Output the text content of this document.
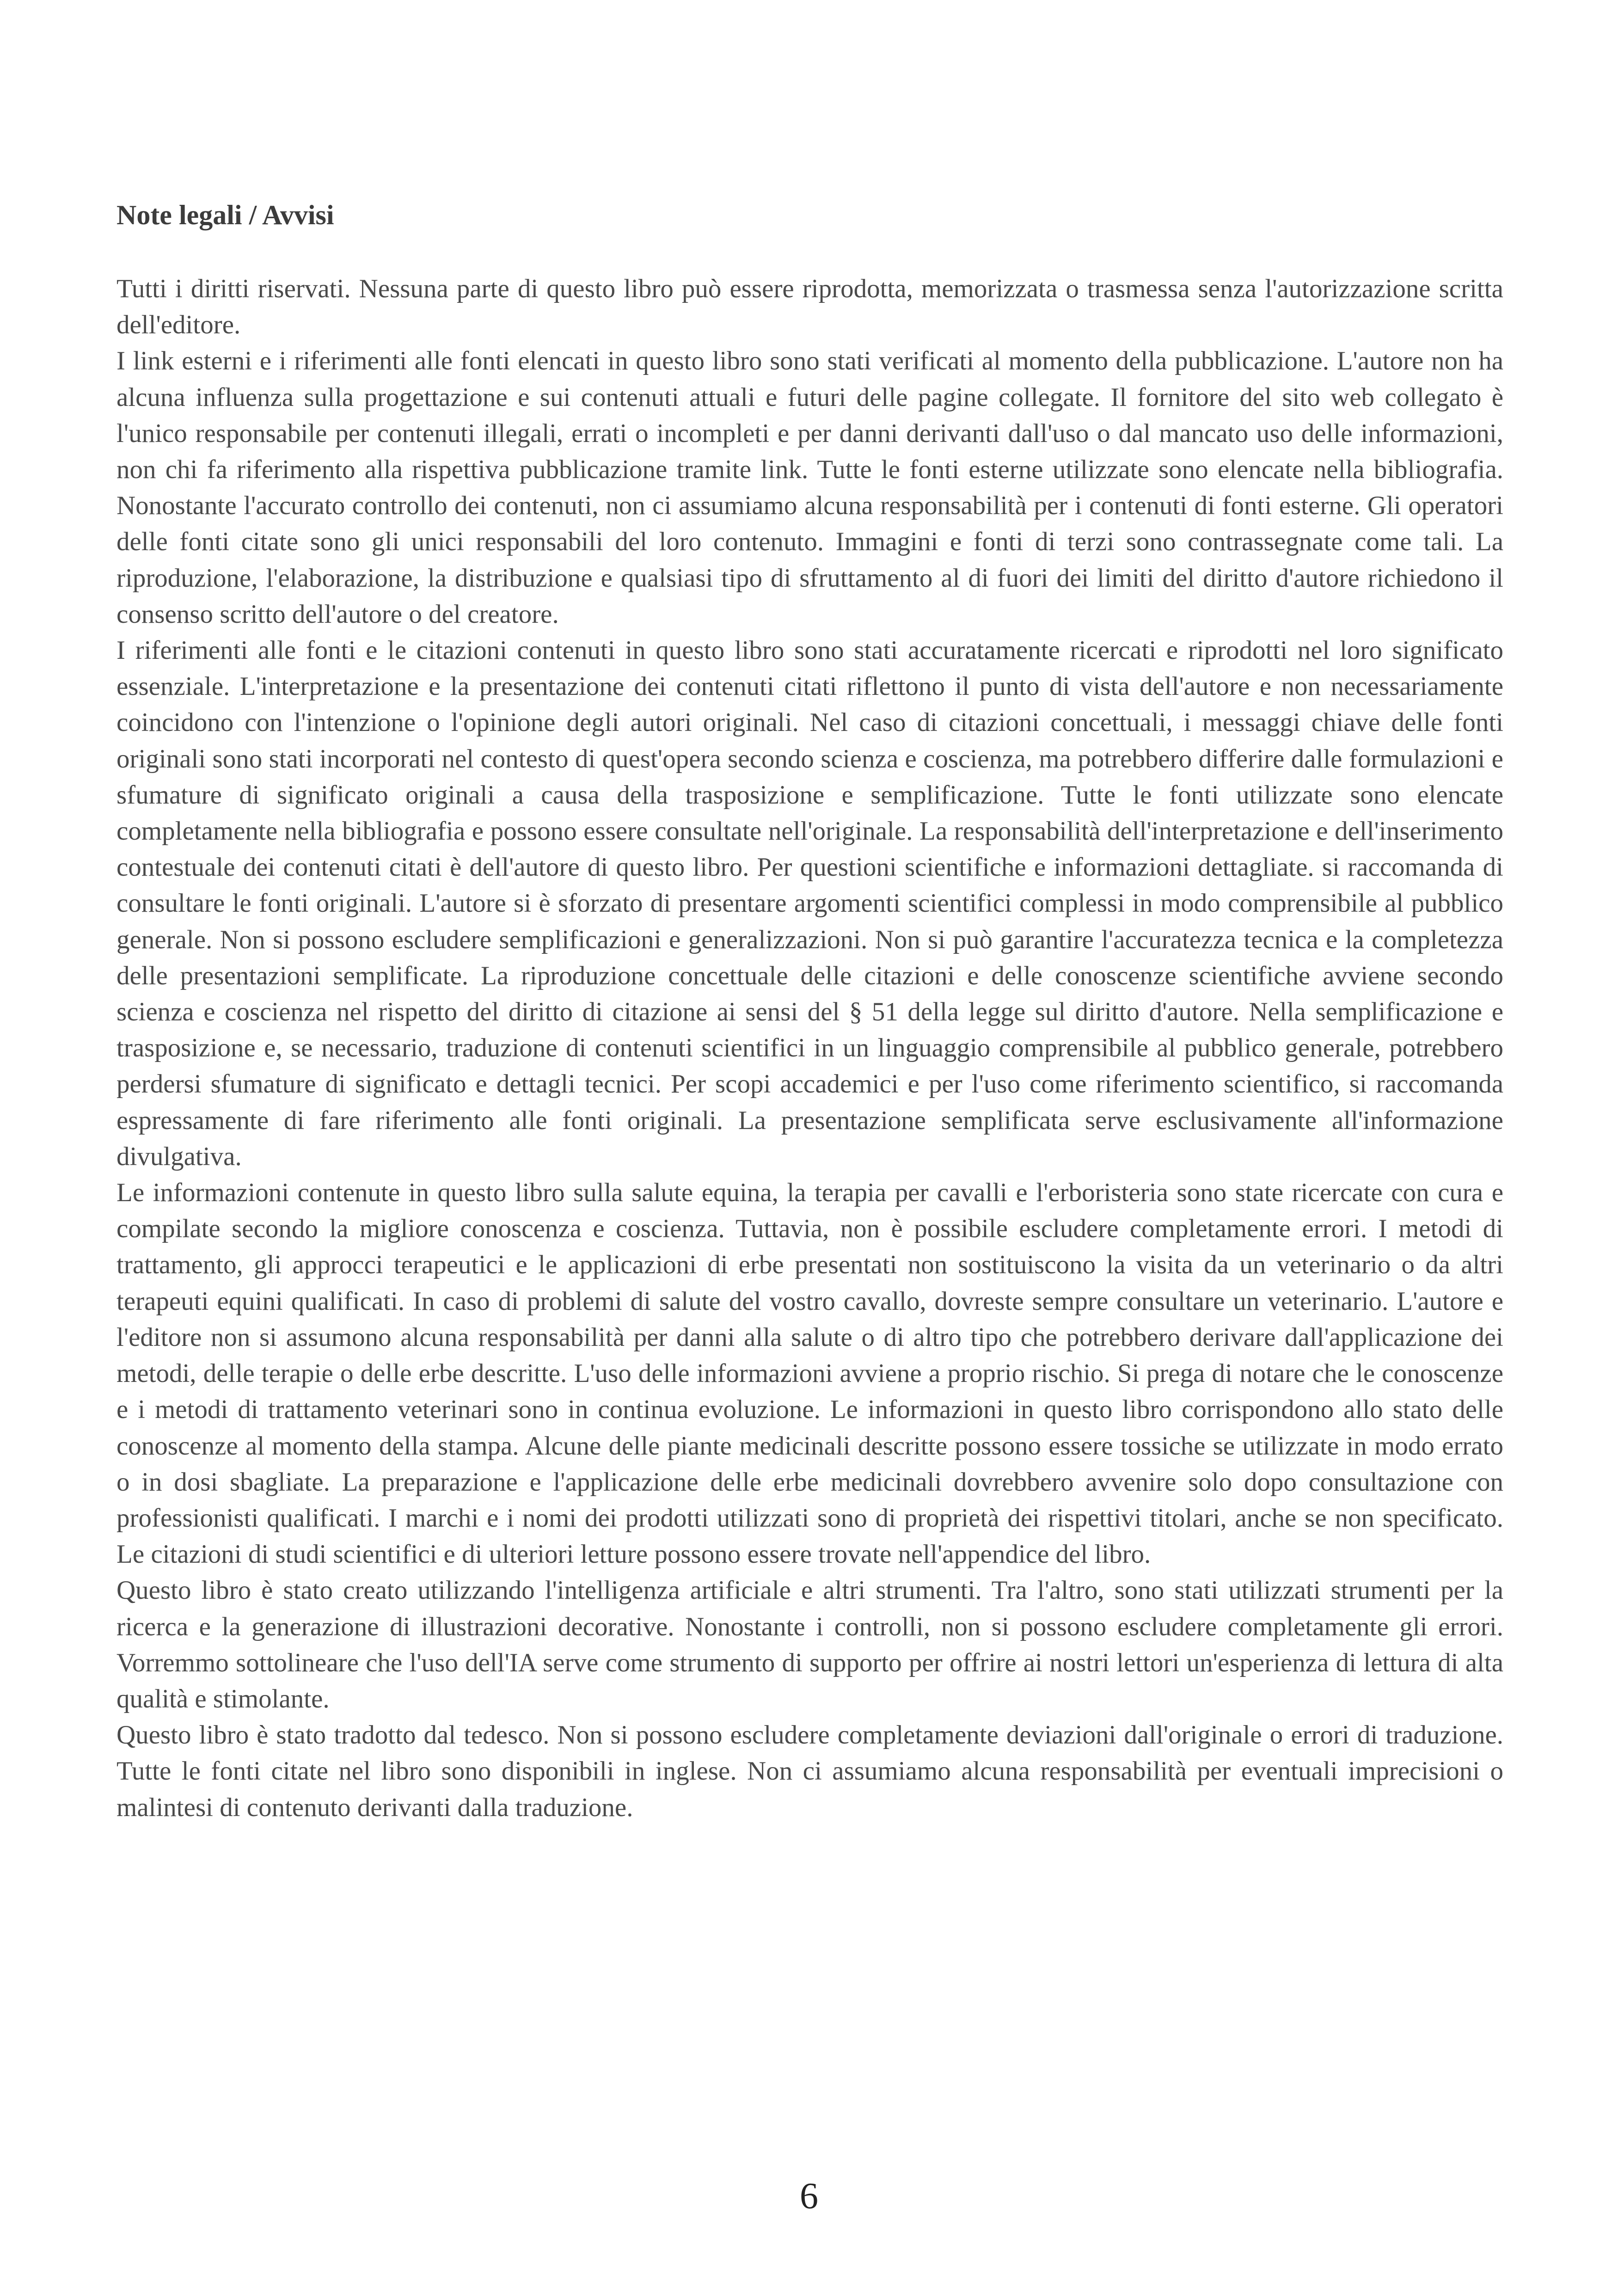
Note legali / Avvisi

Tutti i diritti riservati. Nessuna parte di questo libro può essere riprodotta, memorizzata o trasmessa senza l'autorizzazione scritta dell'editore.

I link esterni e i riferimenti alle fonti elencati in questo libro sono stati verificati al momento della pubblicazione. L'autore non ha alcuna influenza sulla progettazione e sui contenuti attuali e futuri delle pagine collegate. Il fornitore del sito web collegato è l'unico responsabile per contenuti illegali, errati o incompleti e per danni derivanti dall'uso o dal mancato uso delle informazioni, non chi fa riferimento alla rispettiva pubblicazione tramite link. Tutte le fonti esterne utilizzate sono elencate nella bibliografia. Nonostante l'accurato controllo dei contenuti, non ci assumiamo alcuna responsabilità per i contenuti di fonti esterne. Gli operatori delle fonti citate sono gli unici responsabili del loro contenuto. Immagini e fonti di terzi sono contrassegnate come tali. La riproduzione, l'elaborazione, la distribuzione e qualsiasi tipo di sfruttamento al di fuori dei limiti del diritto d'autore richiedono il consenso scritto dell'autore o del creatore.

I riferimenti alle fonti e le citazioni contenuti in questo libro sono stati accuratamente ricercati e riprodotti nel loro significato essenziale. L'interpretazione e la presentazione dei contenuti citati riflettono il punto di vista dell'autore e non necessariamente coincidono con l'intenzione o l'opinione degli autori originali. Nel caso di citazioni concettuali, i messaggi chiave delle fonti originali sono stati incorporati nel contesto di quest'opera secondo scienza e coscienza, ma potrebbero differire dalle formulazioni e sfumature di significato originali a causa della trasposizione e semplificazione. Tutte le fonti utilizzate sono elencate completamente nella bibliografia e possono essere consultate nell'originale. La responsabilità dell'interpretazione e dell'inserimento contestuale dei contenuti citati è dell'autore di questo libro. Per questioni scientifiche e informazioni dettagliate. si raccomanda di consultare le fonti originali. L'autore si è sforzato di presentare argomenti scientifici complessi in modo comprensibile al pubblico generale. Non si possono escludere semplificazioni e generalizzazioni. Non si può garantire l'accuratezza tecnica e la completezza delle presentazioni semplificate. La riproduzione concettuale delle citazioni e delle conoscenze scientifiche avviene secondo scienza e coscienza nel rispetto del diritto di citazione ai sensi del § 51 della legge sul diritto d'autore. Nella semplificazione e trasposizione e, se necessario, traduzione di contenuti scientifici in un linguaggio comprensibile al pubblico generale, potrebbero perdersi sfumature di significato e dettagli tecnici. Per scopi accademici e per l'uso come riferimento scientifico, si raccomanda espressamente di fare riferimento alle fonti originali. La presentazione semplificata serve esclusivamente all'informazione divulgativa.

Le informazioni contenute in questo libro sulla salute equina, la terapia per cavalli e l'erboristeria sono state ricercate con cura e compilate secondo la migliore conoscenza e coscienza. Tuttavia, non è possibile escludere completamente errori. I metodi di trattamento, gli approcci terapeutici e le applicazioni di erbe presentati non sostituiscono la visita da un veterinario o da altri terapeuti equini qualificati. In caso di problemi di salute del vostro cavallo, dovreste sempre consultare un veterinario. L'autore e l'editore non si assumono alcuna responsabilità per danni alla salute o di altro tipo che potrebbero derivare dall'applicazione dei metodi, delle terapie o delle erbe descritte. L'uso delle informazioni avviene a proprio rischio. Si prega di notare che le conoscenze e i metodi di trattamento veterinari sono in continua evoluzione. Le informazioni in questo libro corrispondono allo stato delle conoscenze al momento della stampa. Alcune delle piante medicinali descritte possono essere tossiche se utilizzate in modo errato o in dosi sbagliate. La preparazione e l'applicazione delle erbe medicinali dovrebbero avvenire solo dopo consultazione con professionisti qualificati. I marchi e i nomi dei prodotti utilizzati sono di proprietà dei rispettivi titolari, anche se non specificato. Le citazioni di studi scientifici e di ulteriori letture possono essere trovate nell'appendice del libro.

Questo libro è stato creato utilizzando l'intelligenza artificiale e altri strumenti. Tra l'altro, sono stati utilizzati strumenti per la ricerca e la generazione di illustrazioni decorative. Nonostante i controlli, non si possono escludere completamente gli errori. Vorremmo sottolineare che l'uso dell'IA serve come strumento di supporto per offrire ai nostri lettori un'esperienza di lettura di alta qualità e stimolante.

Questo libro è stato tradotto dal tedesco. Non si possono escludere completamente deviazioni dall'originale o errori di traduzione. Tutte le fonti citate nel libro sono disponibili in inglese. Non ci assumiamo alcuna responsabilità per eventuali imprecisioni o malintesi di contenuto derivanti dalla traduzione.

6
